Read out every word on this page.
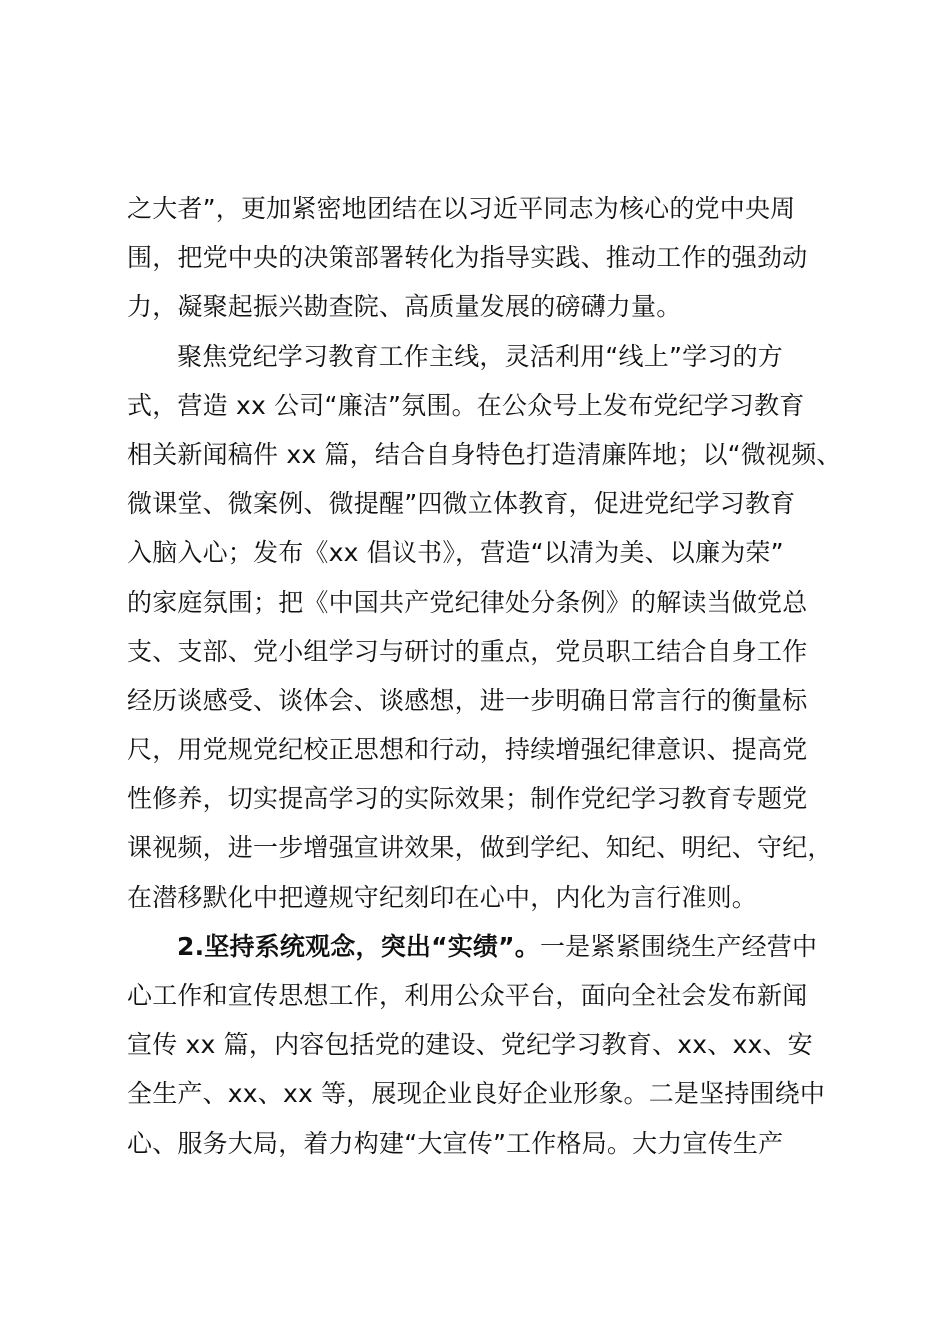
之大者”，更加紧密地团结在以习近平同志为核心的党中央周
围，把党中央的决策部署转化为指导实践、推动工作的强劲动
力，凝聚起振兴勘查院、高质量发展的磅礴力量。
聚焦党纪学习教育工作主线，灵活利用“线上”学习的方
式，营造 xx 公司“廉洁”氛围。在公众号上发布党纪学习教育
相关新闻稿件 xx 篇，结合自身特色打造清廉阵地；以“微视频、
微课堂、微案例、微提醒”四微立体教育，促进党纪学习教育
入脑入心；发布《xx 倡议书》，营造“以清为美、以廉为荣”
的家庭氛围；把《中国共产党纪律处分条例》的解读当做党总
支、支部、党小组学习与研讨的重点，党员职工结合自身工作
经历谈感受、谈体会、谈感想，进一步明确日常言行的衡量标
尺，用党规党纪校正思想和行动，持续增强纪律意识、提高党
性修养，切实提高学习的实际效果；制作党纪学习教育专题党
课视频，进一步增强宣讲效果，做到学纪、知纪、明纪、守纪，
在潜移默化中把遵规守纪刻印在心中，内化为言行准则。
2.坚持系统观念，突出“实绩”。一是紧紧围绕生产经营中
心工作和宣传思想工作，利用公众平台，面向全社会发布新闻
宣传 xx 篇，内容包括党的建设、党纪学习教育、xx、xx、安
全生产、xx、xx 等，展现企业良好企业形象。二是坚持围绕中
心、服务大局，着力构建“大宣传”工作格局。大力宣传生产
